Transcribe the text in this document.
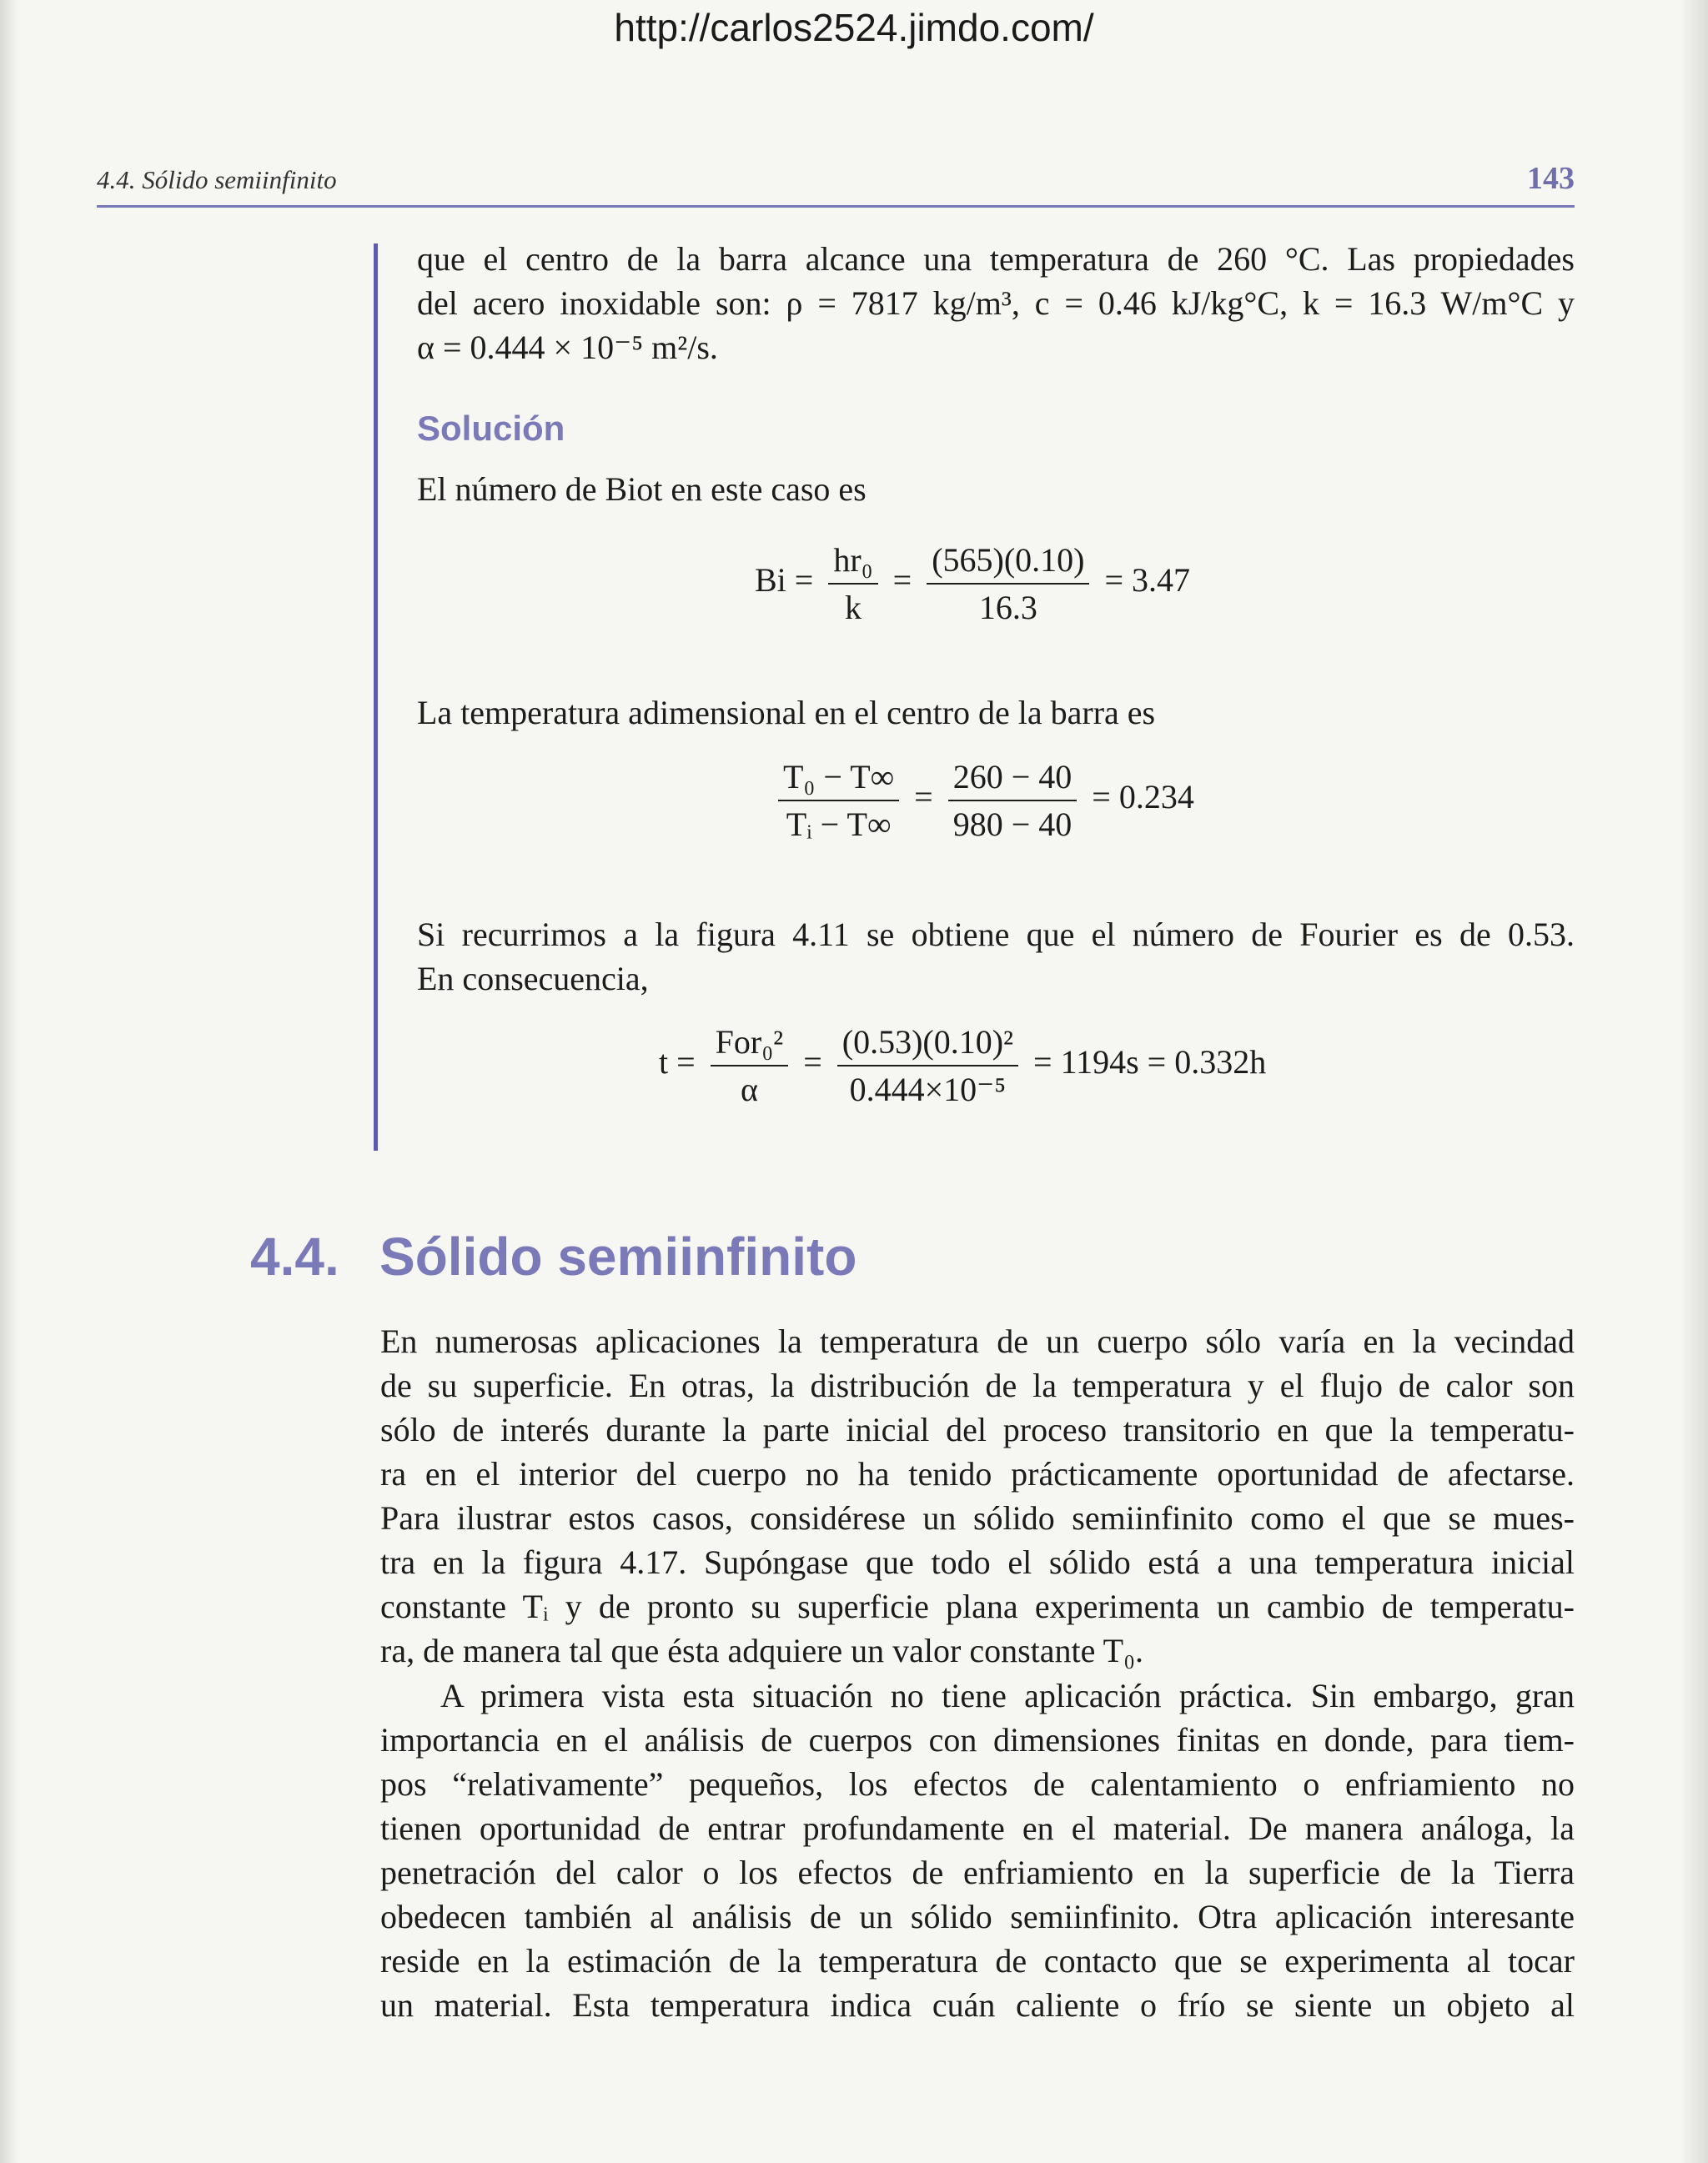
http://carlos2524.jimdo.com/
4.4. Sólido semiinfinito	143
que el centro de la barra alcance una temperatura de 260 °C. Las propiedades
del acero inoxidable son: ρ = 7817 kg/m³, c = 0.46 kJ/kg°C, k = 16.3 W/m°C y
α = 0.444 × 10⁻⁵ m²/s.
Solución
El número de Biot en este caso es
$Bi = \frac{\text{hr₀}}{k} = \frac{(565)(0.10)}{16.3} = 3.47$
La temperatura adimensional en el centro de la barra es
$\frac{\text{T₀ − T∞}}{\text{Tᵢ − T∞}} = \frac{260 - 40}{980 - 40} = 0.234$
Si recurrimos a la figura 4.11 se obtiene que el número de Fourier es de 0.53.
En consecuencia,
$t = \frac{\text{For₀²}}{\alpha} = \frac{\text{(0.53)(0.10)²}}{\text{0.444×10⁻⁵}} = 1194s = 0.332h$
4.4. Sólido semiinfinito
En numerosas aplicaciones la temperatura de un cuerpo sólo varía en la vecindad
de su superficie. En otras, la distribución de la temperatura y el flujo de calor son
sólo de interés durante la parte inicial del proceso transitorio en que la temperatu-
ra en el interior del cuerpo no ha tenido prácticamente oportunidad de afectarse.
Para ilustrar estos casos, considérese un sólido semiinfinito como el que se mues-
tra en la figura 4.17. Supóngase que todo el sólido está a una temperatura inicial
constante Tᵢ y de pronto su superficie plana experimenta un cambio de temperatu-
ra, de manera tal que ésta adquiere un valor constante T₀.
A primera vista esta situación no tiene aplicación práctica. Sin embargo, gran
importancia en el análisis de cuerpos con dimensiones finitas en donde, para tiem-
pos “relativamente” pequeños, los efectos de calentamiento o enfriamiento no
tienen oportunidad de entrar profundamente en el material. De manera análoga, la
penetración del calor o los efectos de enfriamiento en la superficie de la Tierra
obedecen también al análisis de un sólido semiinfinito. Otra aplicación interesante
reside en la estimación de la temperatura de contacto que se experimenta al tocar
un material. Esta temperatura indica cuán caliente o frío se siente un objeto al
